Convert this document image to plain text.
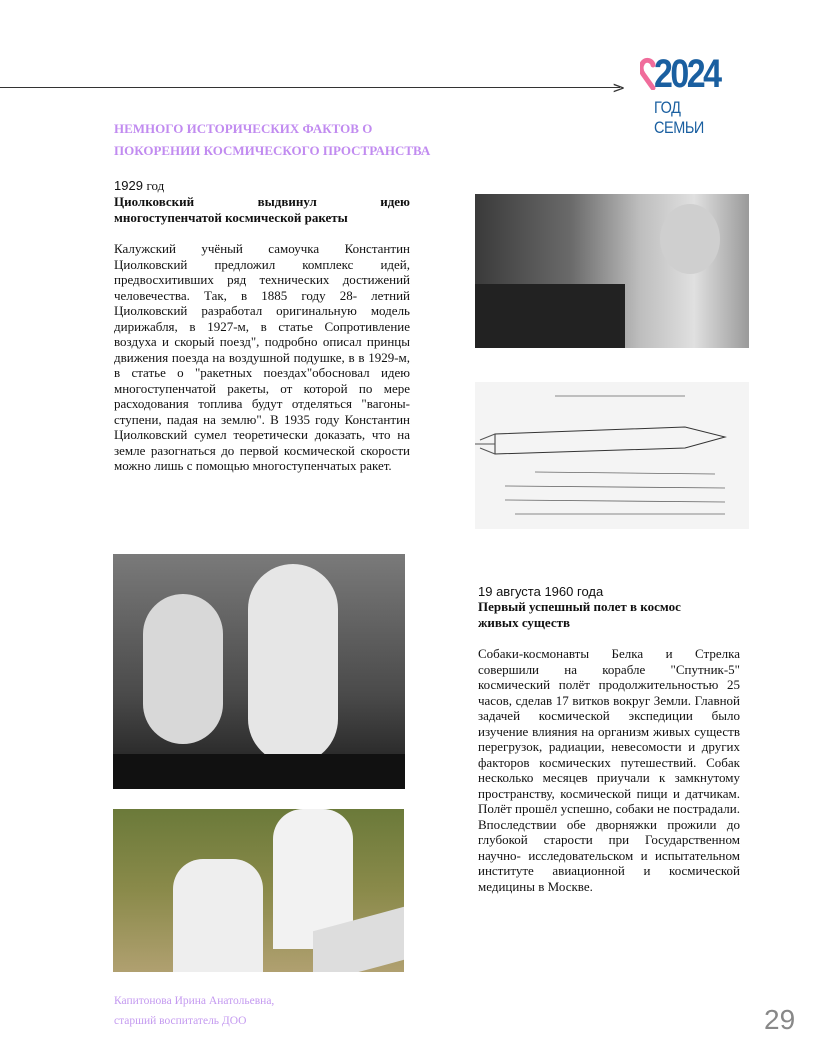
> 2024
ГОД СЕМЬИ
НЕМНОГО ИСТОРИЧЕСКИХ ФАКТОВ О
ПОКОРЕНИИ КОСМИЧЕСКОГО ПРОСТРАНСТВА
1929 год
Циолковский выдвинул идею
многоступенчатой космической ракеты
Калужский учёный самоучка Константин Циолковский предложил комплекс идей, предвосхитивших ряд технических достижений человечества. Так, в 1885 году 28- летний Циолковский разработал оригинальную модель дирижабля, в 1927-м, в статье Сопротивление воздуха и скорый поезд", подробно описал принцы движения поезда на воздушной подушке, в в 1929-м, в статье о "ракетных поездах"обосновал идею многоступенчатой ракеты, от которой по мере расходования топлива будут отделяться "вагоны- ступени, падая на землю". В 1935 году Константин Циолковский сумел теоретически доказать, что на земле разогнаться до первой космической скорости можно лишь с помощью многоступенчатых ракет.
19 августа 1960 года
Первый успешный полет в космос
живых существ
Собаки-космонавты Белка и Стрелка совершили на корабле "Спутник-5" космический полёт продолжительностью 25 часов, сделав 17 витков вокруг Земли. Главной задачей космической экспедиции было изучение влияния на организм живых существ перегрузок, радиации, невесомости и других факторов космических путешествий. Собак несколько месяцев приучали к замкнутому пространству, космической пищи и датчикам. Полёт прошёл успешно, собаки не пострадали. Впоследствии обе дворняжки прожили до глубокой старости при Государственном научно- исследовательском и испытательном институте авиационной и космической медицины в Москве.
Капитонова Ирина Анатольевна,
старший воспитатель ДОО	29
